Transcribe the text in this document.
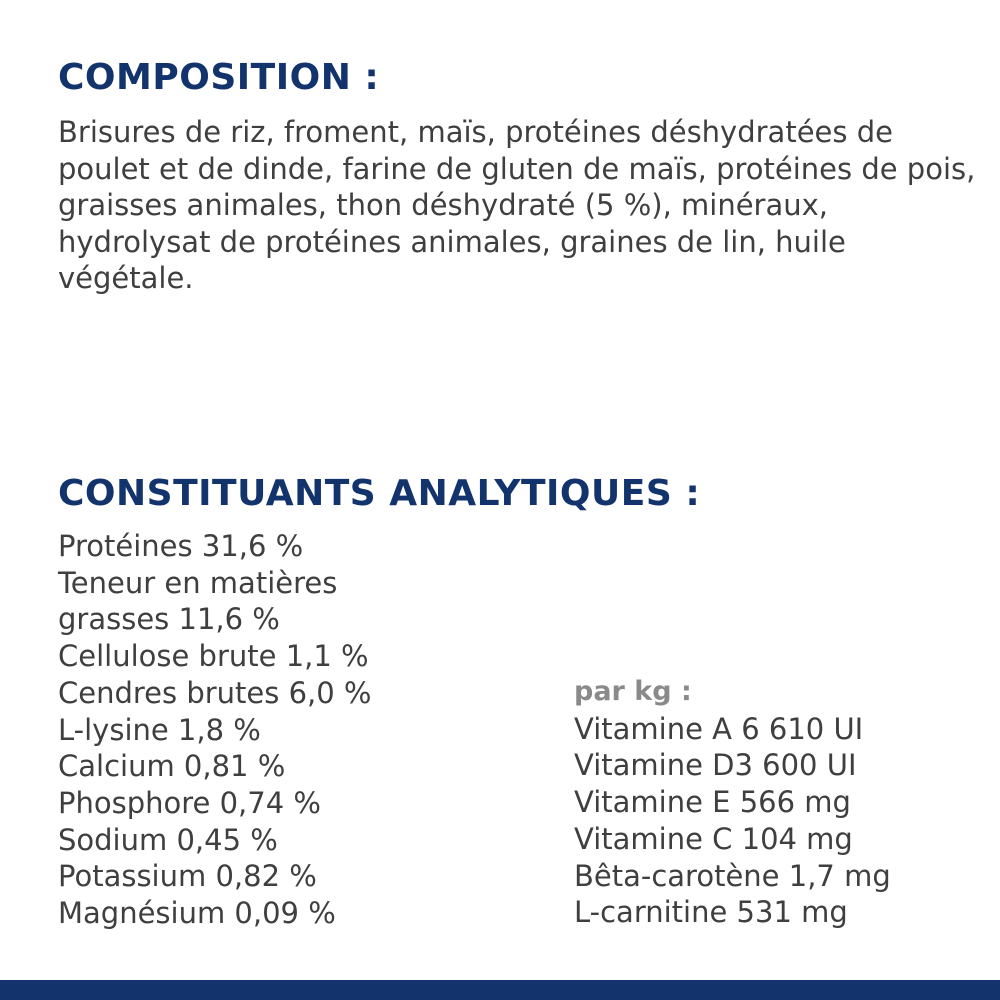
COMPOSITION :

Brisures de riz, froment, maïs, protéines déshydratées de poulet et de dinde, farine de gluten de maïs, protéines de pois, graisses animales, thon déshydraté (5 %), minéraux, hydrolysat de protéines animales, graines de lin, huile végétale.

CONSTITUANTS ANALYTIQUES :
Protéines 31,6 %
Teneur en matières grasses 11,6 %
Cellulose brute 1,1 %
Cendres brutes 6,0 %
L-lysine 1,8 %
Calcium 0,81 %
Phosphore 0,74 %
Sodium 0,45 %
Potassium 0,82 %
Magnésium 0,09 %

par kg :

Vitamine A 6 610 UI
Vitamine D3 600 UI
Vitamine E 566 mg
Vitamine C 104 mg
Bêta-carotène 1,7 mg
L-carnitine 531 mg
